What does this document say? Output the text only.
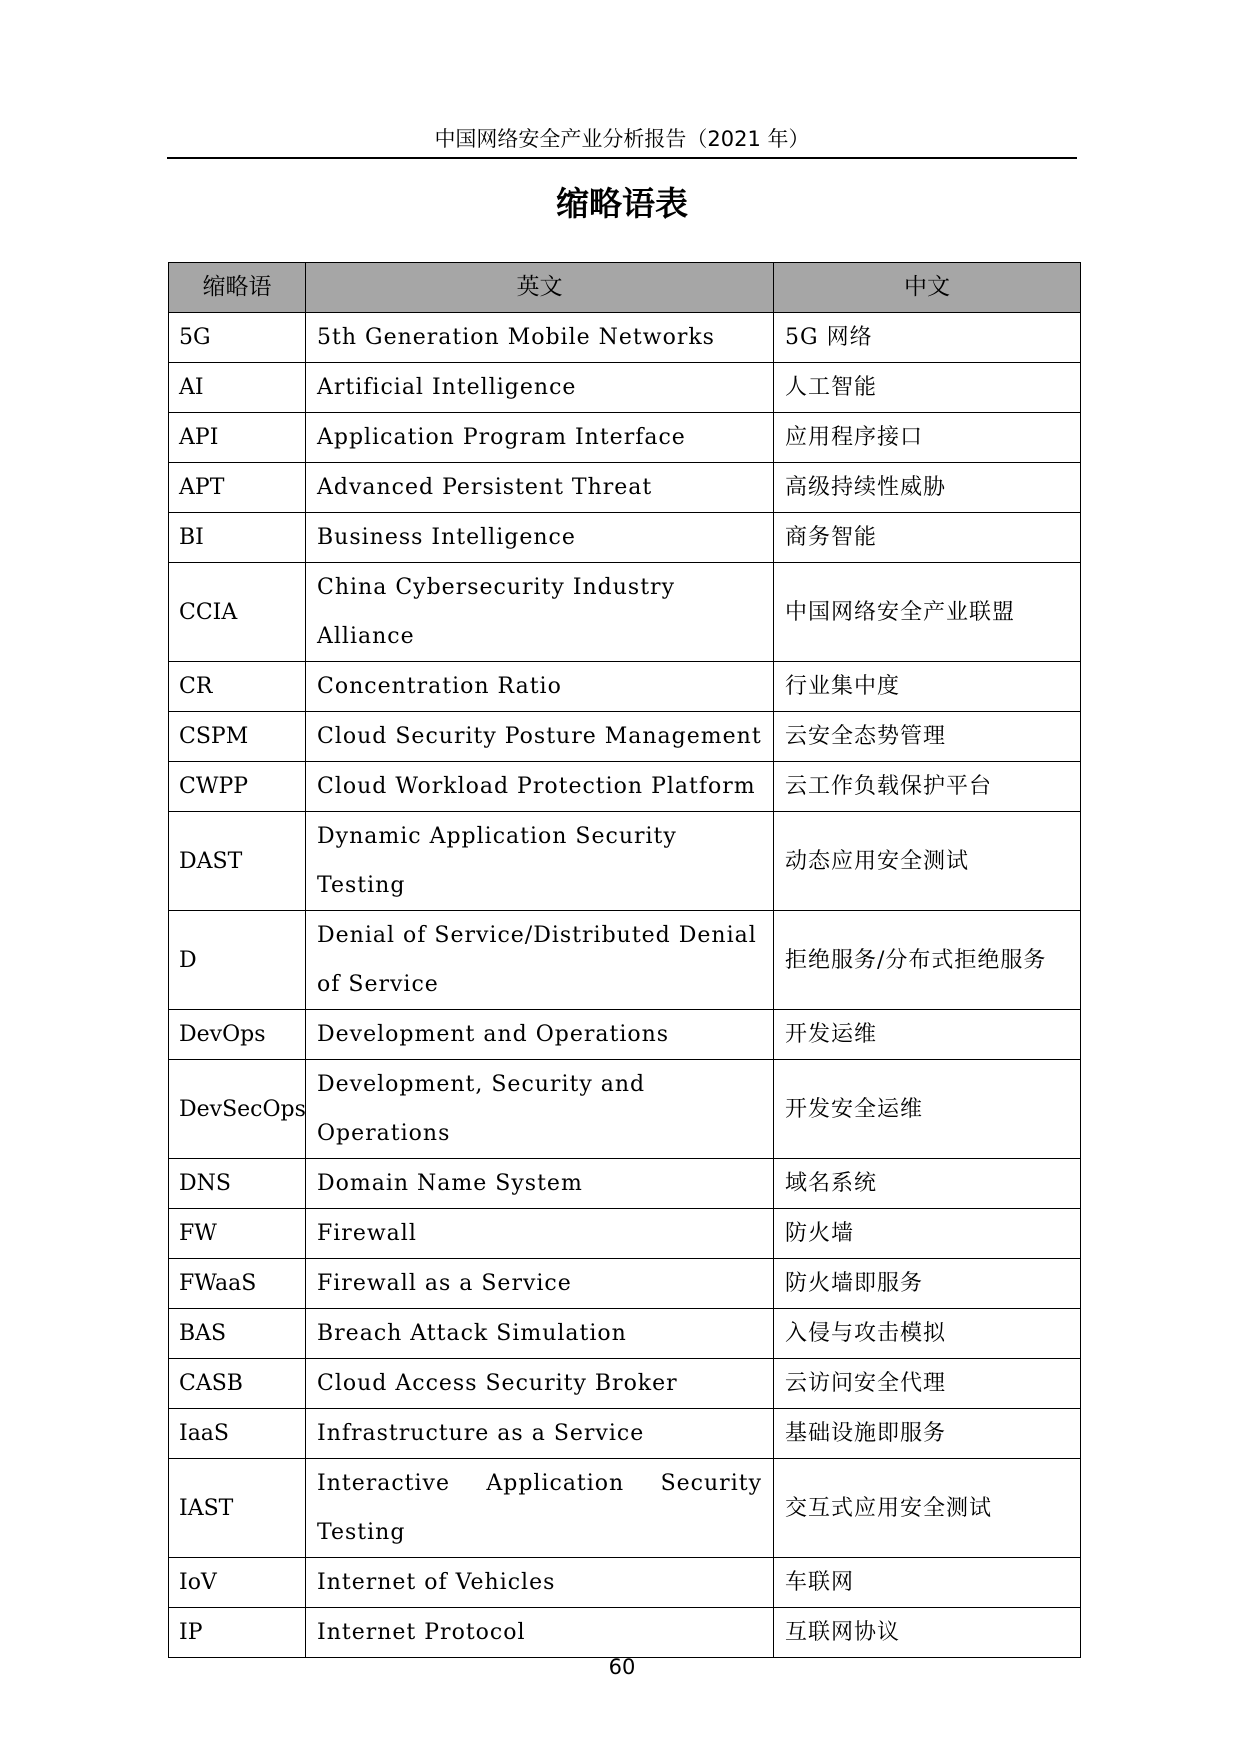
中国网络安全产业分析报告（2021 年）
缩略语表
缩略语	英文	中文
5G	5th Generation Mobile Networks	5G 网络
AI	Artificial Intelligence	人工智能
API	Application Program Interface	应用程序接口
APT	Advanced Persistent Threat	高级持续性威胁
BI	Business Intelligence	商务智能
CCIA	China Cybersecurity Industry Alliance	中国网络安全产业联盟
CR	Concentration Ratio	行业集中度
CSPM	Cloud Security Posture Management	云安全态势管理
CWPP	Cloud Workload Protection Platform	云工作负载保护平台
DAST	Dynamic Application Security Testing	动态应用安全测试
D	Denial of Service/Distributed Denial of Service	拒绝服务/分布式拒绝服务
DevOps	Development and Operations	开发运维
DevSecOps	Development, Security and Operations	开发安全运维
DNS	Domain Name System	域名系统
FW	Firewall	防火墙
FWaaS	Firewall as a Service	防火墙即服务
BAS	Breach Attack Simulation	入侵与攻击模拟
CASB	Cloud Access Security Broker	云访问安全代理
IaaS	Infrastructure as a Service	基础设施即服务
IAST	Interactive Application Security Testing	交互式应用安全测试
IoV	Internet of Vehicles	车联网
IP	Internet Protocol	互联网协议
60
